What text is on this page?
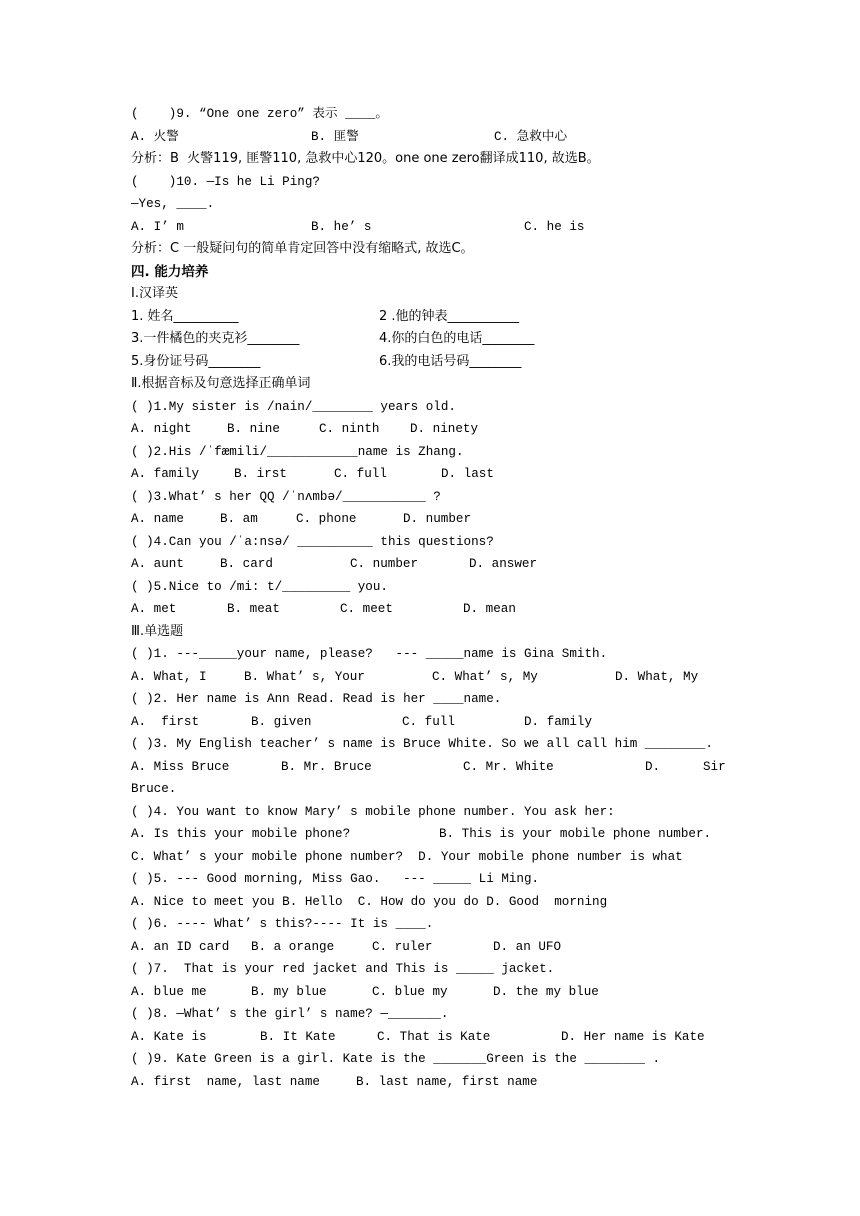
(    )9. “One one zero” 表示 ____。
A. 火警	B. 匪警	C. 急救中心
分析：B  火警119, 匪警110, 急救中心120。one one zero翻译成110, 故选B。
(    )10. —Is he Li Ping?
—Yes, ____.
A. I’ m	B. he’ s	C. he is
分析：C 一般疑问句的简单肯定回答中没有缩略式, 故选C。
四. 能力培养
Ⅰ.汉译英
1. 姓名__________	2 .他的钟表___________
3.一件橘色的夹克衫________	4.你的白色的电话________
5.身份证号码________	6.我的电话号码________
Ⅱ.根据音标及句意选择正确单词
( )1.My sister is /nain/________ years old.
A. night	B. nine	C. ninth	D. ninety
( )2.His /ˈfæmili/____________name is Zhang.
A. family	B. irst	C. full	D. last
( )3.What’ s her QQ /ˈnʌmbə/___________ ?
A. name	B. am	C. phone	D. number
( )4.Can you /ˈa:nsə/ __________ this questions?
A. aunt	B. card	C. number	D. answer
( )5.Nice to /mi: t/_________ you.
A. met	B. meat	C. meet	D. mean
Ⅲ.单选题
( )1. ---_____your name, please?   --- _____name is Gina Smith.
A. What, I	B. What’ s, Your	C. What’ s, My	D. What, My
( )2. Her name is Ann Read. Read is her ____name.
A.  first	B. given	C. full	D. family
( )3. My English teacher’ s name is Bruce White. So we all call him ________.
A. Miss Bruce	B. Mr. Bruce	C. Mr. White	D.	Sir
Bruce.
( )4. You want to know Mary’ s mobile phone number. You ask her:
A. Is this your mobile phone?	B. This is your mobile phone number.
C. What’ s your mobile phone number?  D. Your mobile phone number is what
( )5. --- Good morning, Miss Gao.   --- _____ Li Ming.
A. Nice to meet you B. Hello  C. How do you do D. Good  morning
( )6. ---- What’ s this?---- It is ____.
A. an ID card	B. a orange	C. ruler	D. an UFO
( )7.  That is your red jacket and This is _____ jacket.
A. blue me	B. my blue	C. blue my	D. the my blue
( )8. —What’ s the girl’ s name? —_______.
A. Kate is	B. It Kate	C. That is Kate	D. Her name is Kate
( )9. Kate Green is a girl. Kate is the _______Green is the ________ .
A. first  name, last name	B. last name, first name
